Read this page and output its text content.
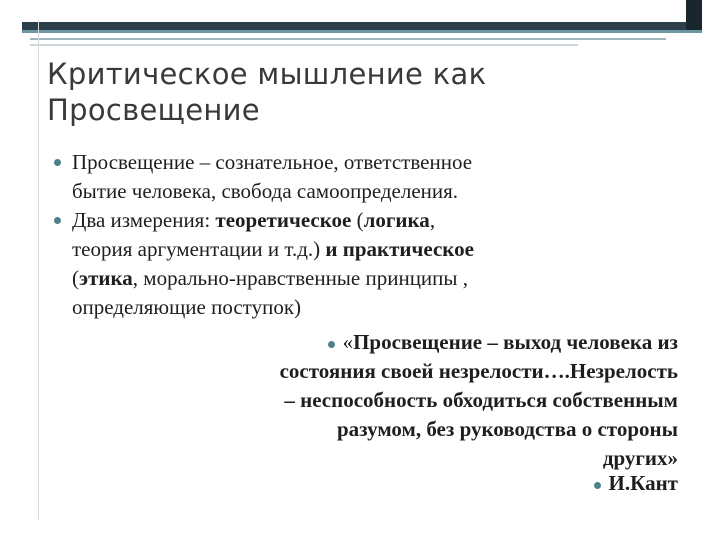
Критическое мышление как
Просвещение
Просвещение – сознательное, ответственное
бытие человека, свобода самоопределения.
Два измерения: теоретическое (логика,
теория аргументации и т.д.) и практическое
(этика, морально-нравственные принципы ,
определяющие поступок)
«Просвещение – выход человека из
состояния своей незрелости….Незрелость
– неспособность обходиться собственным
разумом, без руководства о стороны
других»
И.Кант
